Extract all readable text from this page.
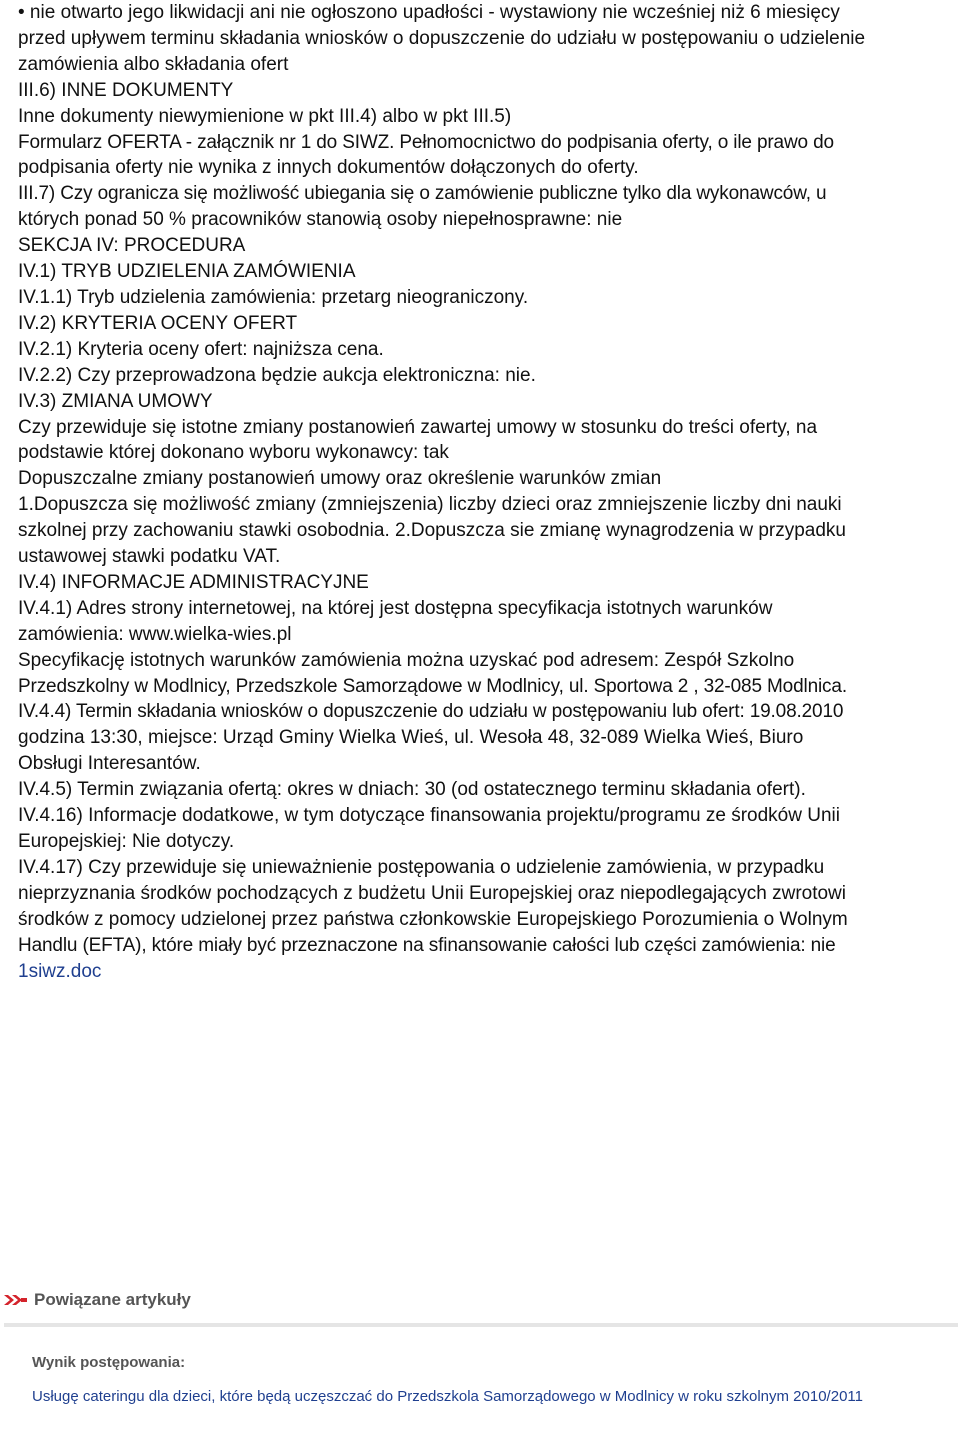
• nie otwarto jego likwidacji ani nie ogłoszono upadłości - wystawiony nie wcześniej niż 6 miesięcy

przed upływem terminu składania wniosków o dopuszczenie do udziału w postępowaniu o udzielenie

zamówienia albo składania ofert

III.6) INNE DOKUMENTY

Inne dokumenty niewymienione w pkt III.4) albo w pkt III.5)

Formularz OFERTA - załącznik nr 1 do SIWZ. Pełnomocnictwo do podpisania oferty, o ile prawo do

podpisania oferty nie wynika z innych dokumentów dołączonych do oferty.

III.7) Czy ogranicza się możliwość ubiegania się o zamówienie publiczne tylko dla wykonawców, u

których ponad 50 % pracowników stanowią osoby niepełnosprawne: nie

SEKCJA IV: PROCEDURA

IV.1) TRYB UDZIELENIA ZAMÓWIENIA

IV.1.1) Tryb udzielenia zamówienia: przetarg nieograniczony.

IV.2) KRYTERIA OCENY OFERT

IV.2.1) Kryteria oceny ofert: najniższa cena.

IV.2.2) Czy przeprowadzona będzie aukcja elektroniczna: nie.

IV.3) ZMIANA UMOWY

Czy przewiduje się istotne zmiany postanowień zawartej umowy w stosunku do treści oferty, na

podstawie której dokonano wyboru wykonawcy: tak

Dopuszczalne zmiany postanowień umowy oraz określenie warunków zmian

1.Dopuszcza się możliwość zmiany (zmniejszenia) liczby dzieci oraz zmniejszenie liczby dni nauki

szkolnej przy zachowaniu stawki osobodnia. 2.Dopuszcza sie zmianę wynagrodzenia w przypadku

ustawowej stawki podatku VAT.

IV.4) INFORMACJE ADMINISTRACYJNE

IV.4.1) Adres strony internetowej, na której jest dostępna specyfikacja istotnych warunków

zamówienia: www.wielka-wies.pl

Specyfikację istotnych warunków zamówienia można uzyskać pod adresem: Zespół Szkolno

Przedszkolny w Modlnicy, Przedszkole Samorządowe w Modlnicy, ul. Sportowa 2 , 32-085 Modlnica.

IV.4.4) Termin składania wniosków o dopuszczenie do udziału w postępowaniu lub ofert: 19.08.2010

godzina 13:30, miejsce: Urząd Gminy Wielka Wieś, ul. Wesoła 48, 32-089 Wielka Wieś, Biuro

Obsługi Interesantów.

IV.4.5) Termin związania ofertą: okres w dniach: 30 (od ostatecznego terminu składania ofert).

IV.4.16) Informacje dodatkowe, w tym dotyczące finansowania projektu/programu ze środków Unii

Europejskiej: Nie dotyczy.

IV.4.17) Czy przewiduje się unieważnienie postępowania o udzielenie zamówienia, w przypadku

nieprzyznania środków pochodzących z budżetu Unii Europejskiej oraz niepodlegających zwrotowi

środków z pomocy udzielonej przez państwa członkowskie Europejskiego Porozumienia o Wolnym

Handlu (EFTA), które miały być przeznaczone na sfinansowanie całości lub części zamówienia: nie

1siwz.doc

Powiązane artykuły
Wynik postępowania:
Usługę cateringu dla dzieci, które będą uczęszczać do Przedszkola Samorządowego w Modlnicy w roku szkolnym 2010/2011
